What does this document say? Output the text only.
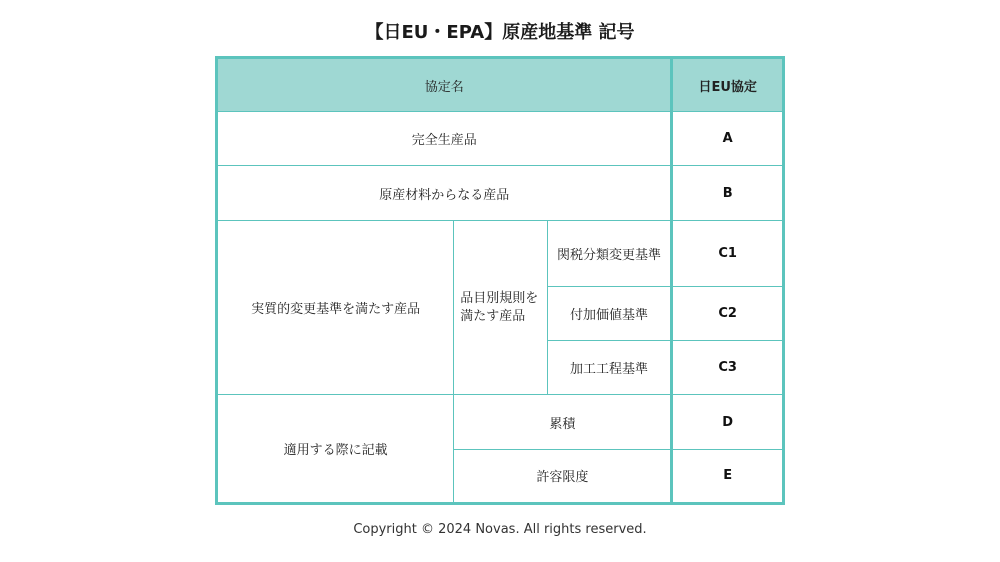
【日EU・EPA】原産地基準 記号
協定名			日EU協定
完全生産品			A
原産材料からなる産品			B
実質的変更基準を満たす産品	品目別規則を満たす産品	関税分類変更基準	C1
		付加価値基準	C2
		加工工程基準	C3
適用する際に記載	累積		D
	許容限度		E
Copyright © 2024 Novas. All rights reserved.
